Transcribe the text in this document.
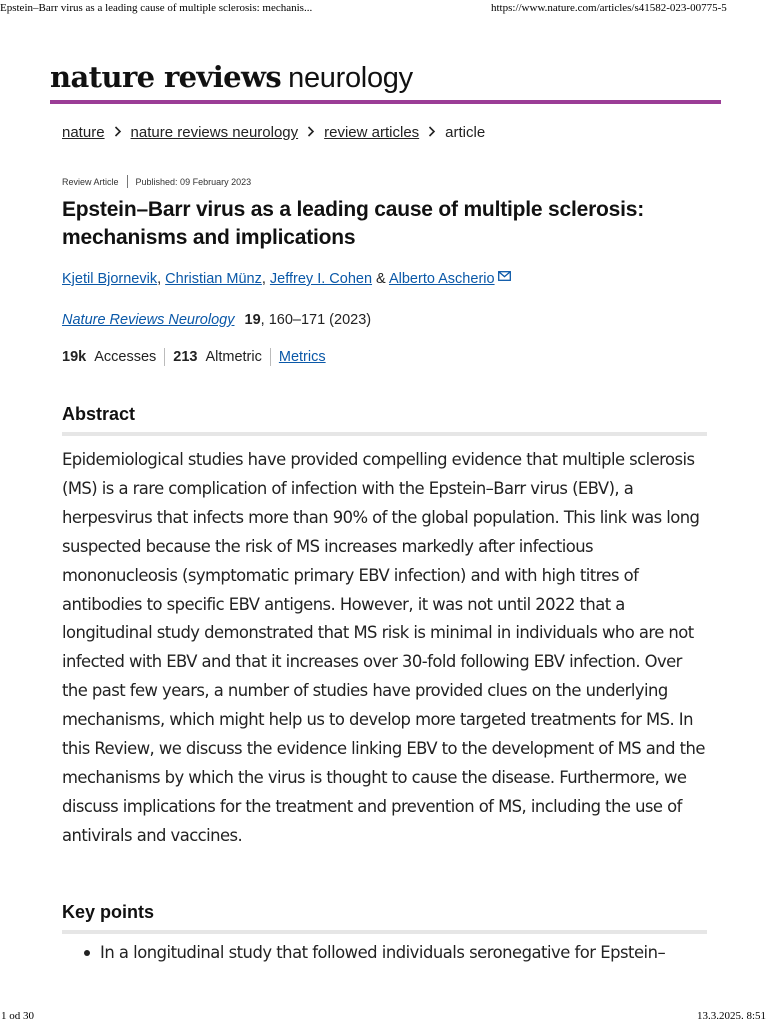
Epstein–Barr virus as a leading cause of multiple sclerosis: mechanis...	https://www.nature.com/articles/s41582-023-00775-5
nature reviews neurology
nature nature reviews neurology review articles article
Review Article Published: 09 February 2023
Epstein–Barr virus as a leading cause of multiple sclerosis:
mechanisms and implications
Kjetil Bjornevik, Christian Münz, Jeffrey I. Cohen & Alberto Ascherio
Nature Reviews Neurology 19, 160–171 (2023)
19k Accesses 213 Altmetric Metrics
Abstract
Epidemiological studies have provided compelling evidence that multiple sclerosis
(MS) is a rare complication of infection with the Epstein–Barr virus (EBV), a
herpesvirus that infects more than 90% of the global population. This link was long
suspected because the risk of MS increases markedly after infectious
mononucleosis (symptomatic primary EBV infection) and with high titres of
antibodies to specific EBV antigens. However, it was not until 2022 that a
longitudinal study demonstrated that MS risk is minimal in individuals who are not
infected with EBV and that it increases over 30-fold following EBV infection. Over
the past few years, a number of studies have provided clues on the underlying
mechanisms, which might help us to develop more targeted treatments for MS. In
this Review, we discuss the evidence linking EBV to the development of MS and the
mechanisms by which the virus is thought to cause the disease. Furthermore, we
discuss implications for the treatment and prevention of MS, including the use of
antivirals and vaccines.
Key points
In a longitudinal study that followed individuals seronegative for Epstein–
1 od 30	13.3.2025. 8:51
